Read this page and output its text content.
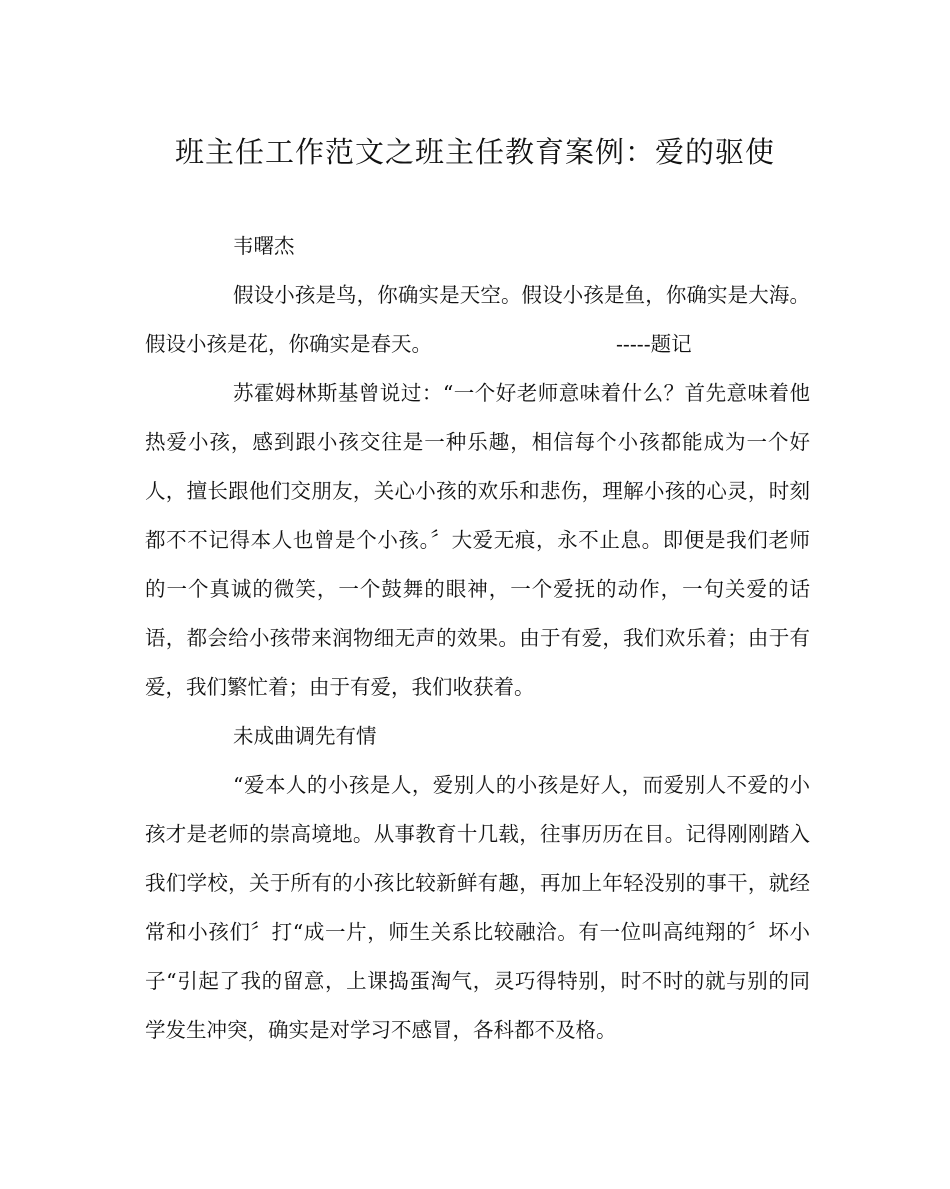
班主任工作范文之班主任教育案例：爱的驱使

韦曙杰

假设小孩是鸟，你确实是天空。假设小孩是鱼，你确实是大海。假设小孩是花，你确实是春天。	-----题记

苏霍姆林斯基曾说过：“一个好老师意味着什么？首先意味着他热爱小孩，感到跟小孩交往是一种乐趣，相信每个小孩都能成为一个好人，擅长跟他们交朋友，关心小孩的欢乐和悲伤，理解小孩的心灵，时刻都不不记得本人也曾是个小孩。〞大爱无痕，永不止息。即便是我们老师的一个真诚的微笑，一个鼓舞的眼神，一个爱抚的动作，一句关爱的话语，都会给小孩带来润物细无声的效果。由于有爱，我们欢乐着；由于有爱，我们繁忙着；由于有爱，我们收获着。

未成曲调先有情

“爱本人的小孩是人，爱别人的小孩是好人，而爱别人不爱的小孩才是老师的崇高境地。从事教育十几载，往事历历在目。记得刚刚踏入我们学校，关于所有的小孩比较新鲜有趣，再加上年轻没别的事干，就经常和小孩们〞打“成一片，师生关系比较融洽。有一位叫高纯翔的〞坏小子“引起了我的留意，上课捣蛋淘气，灵巧得特别，时不时的就与别的同学发生冲突，确实是对学习不感冒，各科都不及格。
